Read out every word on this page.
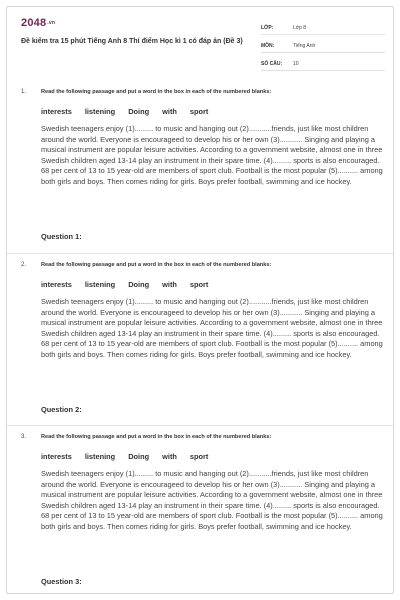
2048.vn
Đề kiểm tra 15 phút Tiếng Anh 8 Thí điểm Học kì 1 có đáp án (Đề 3)
LỚP:	Lớp 8
MÔN:	Tiếng Anh
SỐ CÂU:	10
1.	Read the following passage and put a word in the box in each of the numbered blanks:
interests listening Doing with sport

Swedish teenagers enjoy (1)......... to music and hanging out (2)...........friends, just like most children around the world. Everyone is encourageed to develop his or her own (3)........... Singing and playing a musical instrument are popular leisure activities. According to a government website, almost one in three Swedish children aged 13-14 play an instrument in their spare time. (4)......... sports is also encouraged. 68 per cent of 13 to 15 year-old are members of sport club. Football is the most popular (5).......... among both girls and boys. Then comes riding for girls. Boys prefer football, swimming and ice hockey.

Question 1:
2.	Read the following passage and put a word in the box in each of the numbered blanks:
interests listening Doing with sport

Swedish teenagers enjoy (1)......... to music and hanging out (2)...........friends, just like most children around the world. Everyone is encourageed to develop his or her own (3)........... Singing and playing a musical instrument are popular leisure activities. According to a government website, almost one in three Swedish children aged 13-14 play an instrument in their spare time. (4)......... sports is also encouraged. 68 per cent of 13 to 15 year-old are members of sport club. Football is the most popular (5).......... among both girls and boys. Then comes riding for girls. Boys prefer football, swimming and ice hockey.

Question 2:
3.	Read the following passage and put a word in the box in each of the numbered blanks:
interests listening Doing with sport

Swedish teenagers enjoy (1)......... to music and hanging out (2)...........friends, just like most children around the world. Everyone is encourageed to develop his or her own (3)........... Singing and playing a musical instrument are popular leisure activities. According to a government website, almost one in three Swedish children aged 13-14 play an instrument in their spare time. (4)......... sports is also encouraged. 68 per cent of 13 to 15 year-old are members of sport club. Football is the most popular (5).......... among both girls and boys. Then comes riding for girls. Boys prefer football, swimming and ice hockey.

Question 3:
